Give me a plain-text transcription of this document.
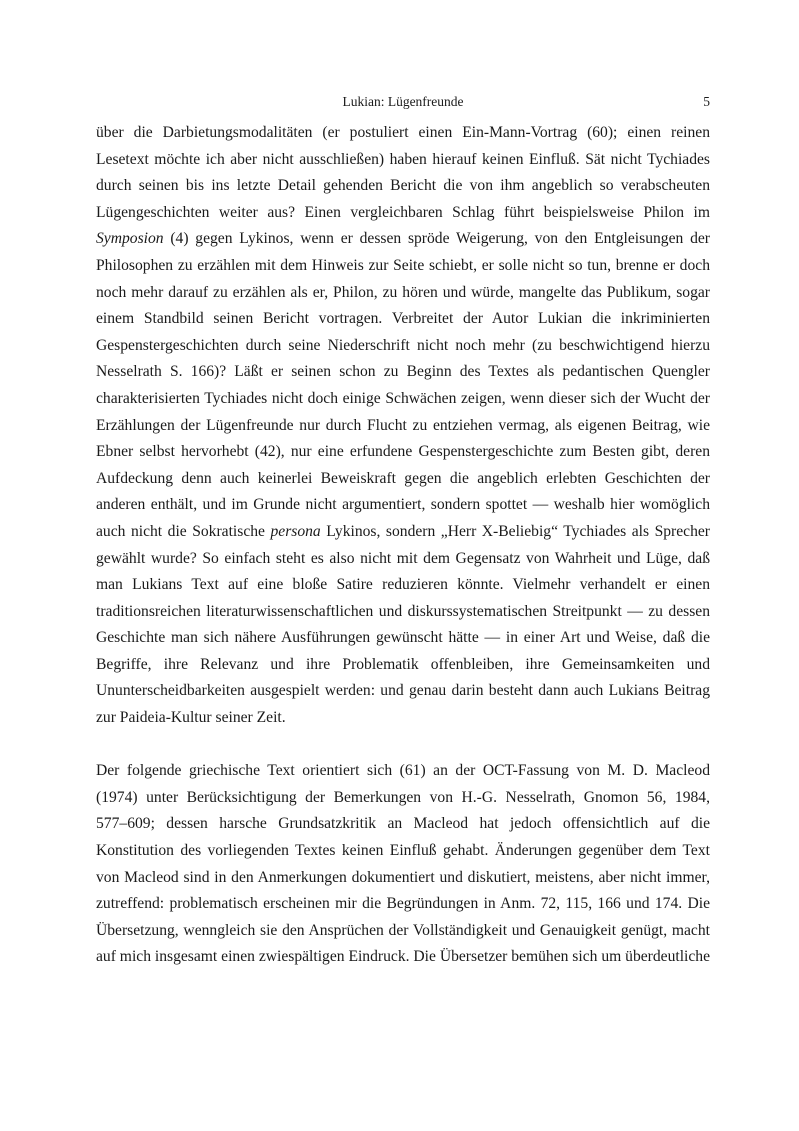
Lukian: Lügenfreunde	5

über die Darbietungsmodalitäten (er postuliert einen Ein-Mann-Vortrag (60); einen reinen
Lesetext möchte ich aber nicht ausschließen) haben hierauf keinen Einfluß. Sät nicht Tychiades
durch seinen bis ins letzte Detail gehenden Bericht die von ihm angeblich so verabscheuten
Lügengeschichten weiter aus? Einen vergleichbaren Schlag führt beispielsweise Philon im
Symposion (4) gegen Lykinos, wenn er dessen spröde Weigerung, von den Entgleisungen der
Philosophen zu erzählen mit dem Hinweis zur Seite schiebt, er solle nicht so tun, brenne er doch
noch mehr darauf zu erzählen als er, Philon, zu hören und würde, mangelte das Publikum, sogar
einem Standbild seinen Bericht vortragen. Verbreitet der Autor Lukian die inkriminierten
Gespenstergeschichten durch seine Niederschrift nicht noch mehr (zu beschwichtigend hierzu
Nesselrath S. 166)? Läßt er seinen schon zu Beginn des Textes als pedantischen Quengler
charakterisierten Tychiades nicht doch einige Schwächen zeigen, wenn dieser sich der Wucht der
Erzählungen der Lügenfreunde nur durch Flucht zu entziehen vermag, als eigenen Beitrag, wie
Ebner selbst hervorhebt (42), nur eine erfundene Gespenstergeschichte zum Besten gibt, deren
Aufdeckung denn auch keinerlei Beweiskraft gegen die angeblich erlebten Geschichten der
anderen enthält, und im Grunde nicht argumentiert, sondern spottet — weshalb hier womöglich
auch nicht die Sokratische persona Lykinos, sondern „Herr X-Beliebig“ Tychiades als Sprecher
gewählt wurde? So einfach steht es also nicht mit dem Gegensatz von Wahrheit und Lüge, daß
man Lukians Text auf eine bloße Satire reduzieren könnte. Vielmehr verhandelt er einen
traditionsreichen literaturwissenschaftlichen und diskurssystematischen Streitpunkt — zu dessen
Geschichte man sich nähere Ausführungen gewünscht hätte — in einer Art und Weise, daß die
Begriffe, ihre Relevanz und ihre Problematik offenbleiben, ihre Gemeinsamkeiten und
Ununterscheidbarkeiten ausgespielt werden: und genau darin besteht dann auch Lukians Beitrag
zur Paideia-Kultur seiner Zeit.

Der folgende griechische Text orientiert sich (61) an der OCT-Fassung von M. D. Macleod
(1974) unter Berücksichtigung der Bemerkungen von H.-G. Nesselrath, Gnomon 56, 1984,
577–609; dessen harsche Grundsatzkritik an Macleod hat jedoch offensichtlich auf die
Konstitution des vorliegenden Textes keinen Einfluß gehabt. Änderungen gegenüber dem Text
von Macleod sind in den Anmerkungen dokumentiert und diskutiert, meistens, aber nicht immer,
zutreffend: problematisch erscheinen mir die Begründungen in Anm. 72, 115, 166 und 174. Die
Übersetzung, wenngleich sie den Ansprüchen der Vollständigkeit und Genauigkeit genügt, macht
auf mich insgesamt einen zwiespältigen Eindruck. Die Übersetzer bemühen sich um überdeutliche
